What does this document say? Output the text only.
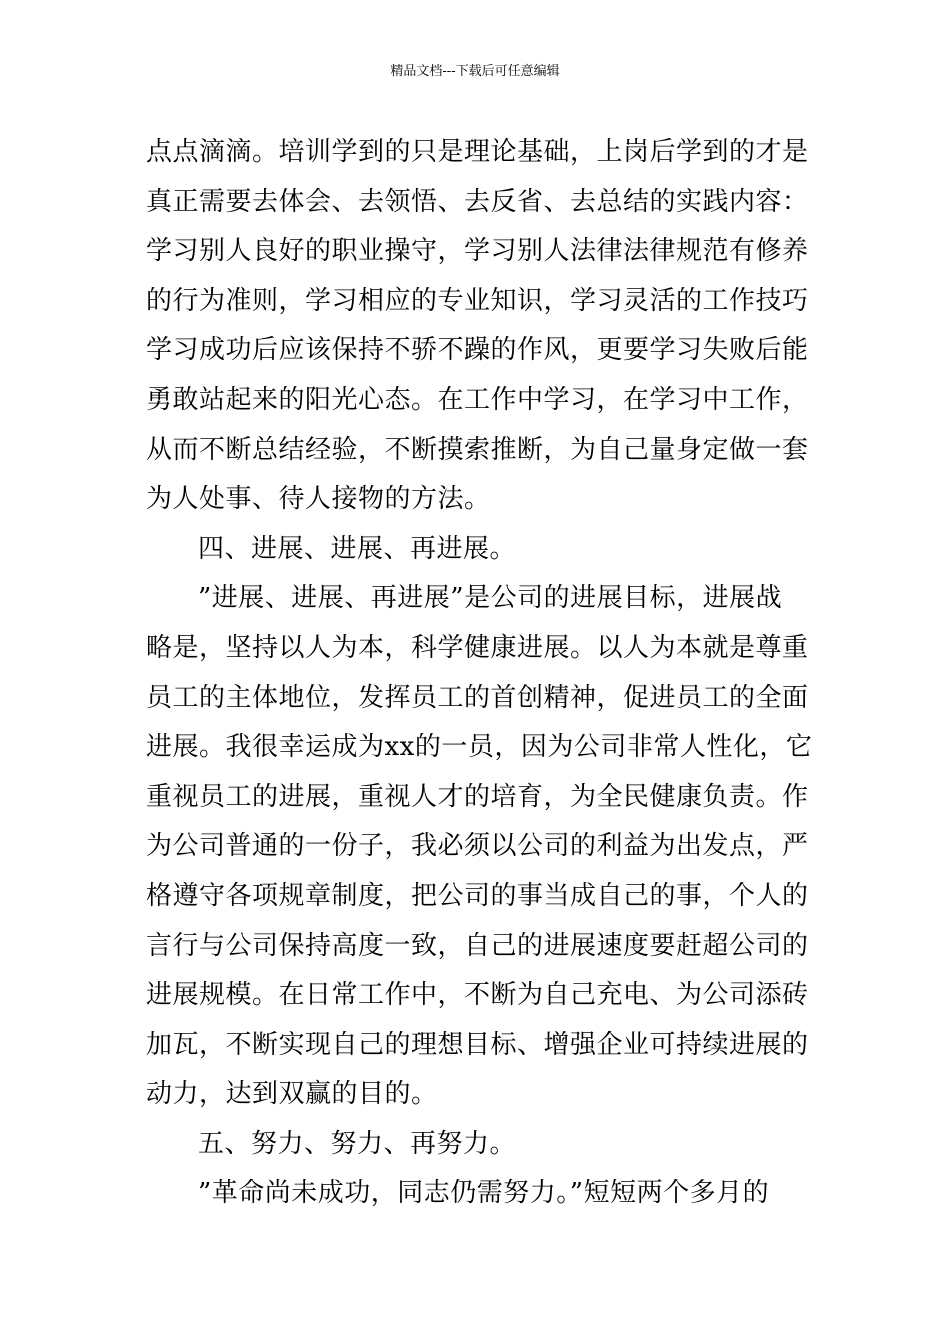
精品文档---下载后可任意编辑
点点滴滴。培训学到的只是理论基础，上岗后学到的才是
真正需要去体会、去领悟、去反省、去总结的实践内容：
学习别人良好的职业操守，学习别人法律法律规范有修养
的行为准则，学习相应的专业知识，学习灵活的工作技巧
学习成功后应该保持不骄不躁的作风，更要学习失败后能
勇敢站起来的阳光心态。在工作中学习，在学习中工作，
从而不断总结经验，不断摸索推断，为自己量身定做一套
为人处事、待人接物的方法。
四、进展、进展、再进展。
”进展、进展、再进展”是公司的进展目标，进展战
略是，坚持以人为本，科学健康进展。以人为本就是尊重
员工的主体地位，发挥员工的首创精神，促进员工的全面
进展。我很幸运成为xx的一员，因为公司非常人性化，它
重视员工的进展，重视人才的培育，为全民健康负责。作
为公司普通的一份子，我必须以公司的利益为出发点，严
格遵守各项规章制度，把公司的事当成自己的事，个人的
言行与公司保持高度一致，自己的进展速度要赶超公司的
进展规模。在日常工作中，不断为自己充电、为公司添砖
加瓦，不断实现自己的理想目标、增强企业可持续进展的
动力，达到双赢的目的。
五、努力、努力、再努力。
”革命尚未成功，同志仍需努力。”短短两个多月的
